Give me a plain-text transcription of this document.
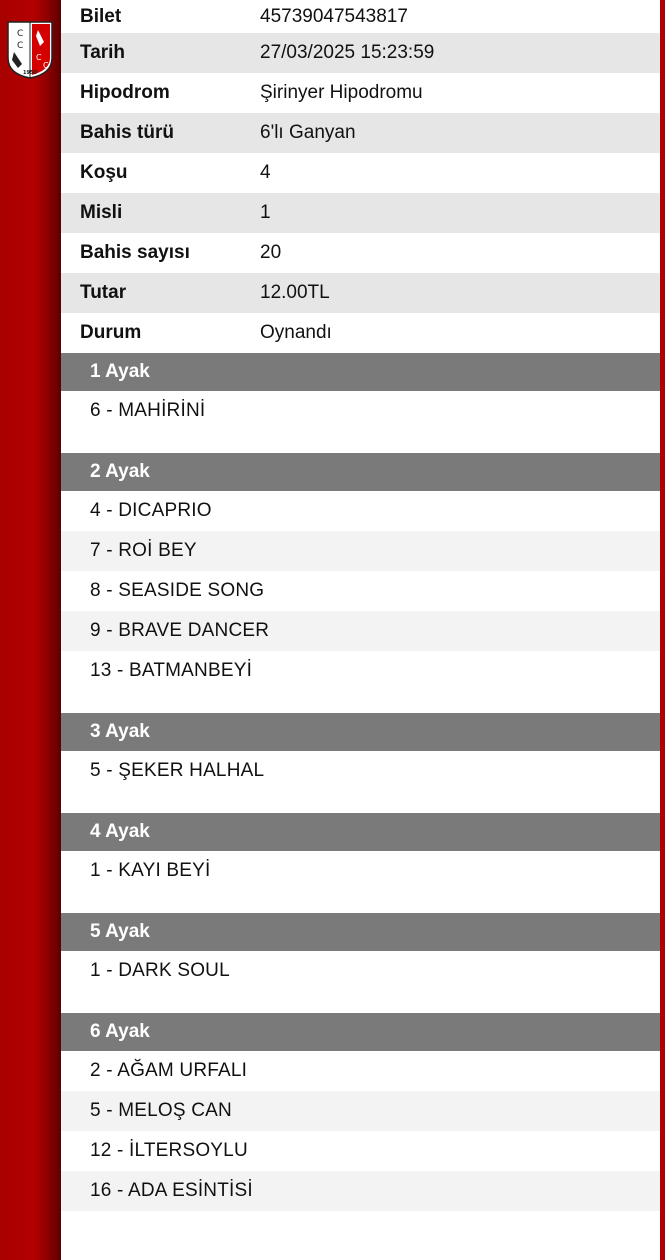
C
C
C
C
1950
Bilet	45739047543817
Tarih	27/03/2025 15:23:59
Hipodrom	Şirinyer Hipodromu
Bahis türü	6'lı Ganyan
Koşu	4
Misli	1
Bahis sayısı	20
Tutar	12.00TL
Durum	Oynandı
1 Ayak
6 - MAHİRİNİ
2 Ayak
4 - DICAPRIO
7 - ROİ BEY
8 - SEASIDE SONG
9 - BRAVE DANCER
13 - BATMANBEYİ
3 Ayak
5 - ŞEKER HALHAL
4 Ayak
1 - KAYI BEYİ
5 Ayak
1 - DARK SOUL
6 Ayak
2 - AĞAM URFALI
5 - MELOŞ CAN
12 - İLTERSOYLU
16 - ADA ESİNTİSİ
